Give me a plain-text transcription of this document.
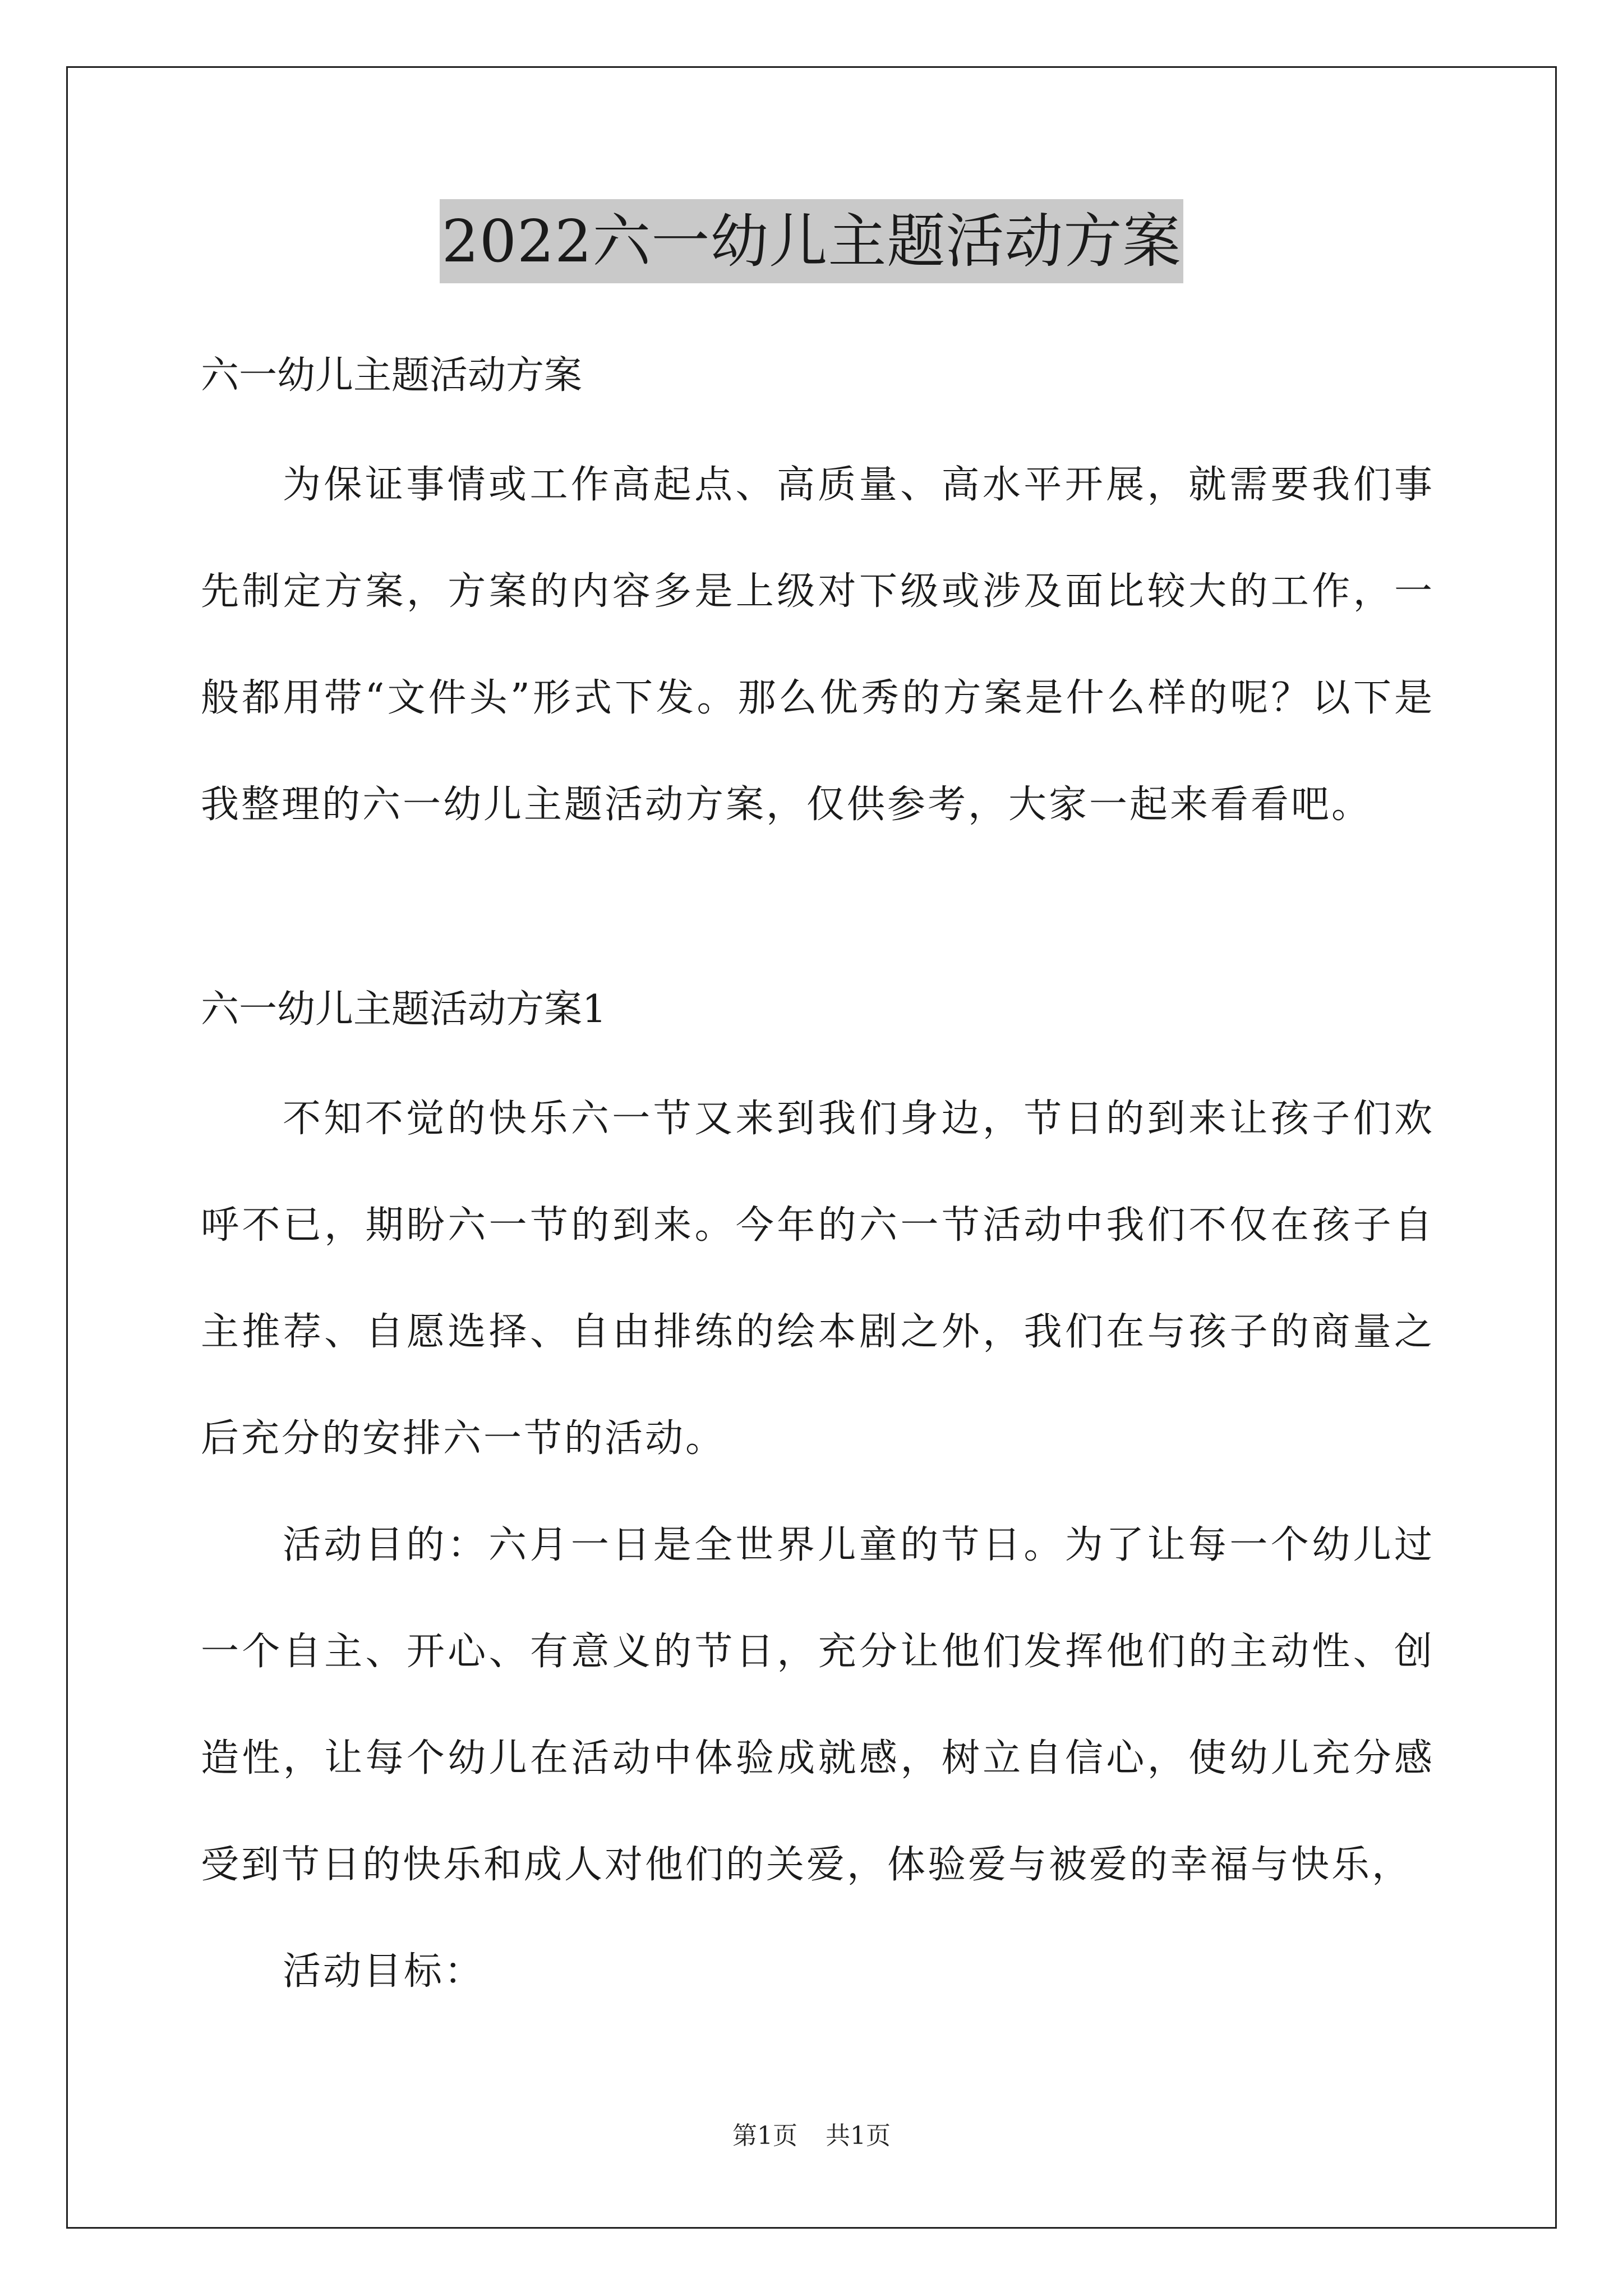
2022六一幼儿主题活动方案

六一幼儿主题活动方案

为保证事情或工作高起点、高质量、高水平开展，就需要我们事先制定方案，方案的内容多是上级对下级或涉及面比较大的工作，一般都用带“文件头”形式下发。那么优秀的方案是什么样的呢？以下是我整理的六一幼儿主题活动方案，仅供参考，大家一起来看看吧。

六一幼儿主题活动方案1

不知不觉的快乐六一节又来到我们身边，节日的到来让孩子们欢呼不已，期盼六一节的到来。今年的六一节活动中我们不仅在孩子自主推荐、自愿选择、自由排练的绘本剧之外，我们在与孩子的商量之后充分的安排六一节的活动。

活动目的：六月一日是全世界儿童的节日。为了让每一个幼儿过一个自主、开心、有意义的节日，充分让他们发挥他们的主动性、创造性，让每个幼儿在活动中体验成就感，树立自信心，使幼儿充分感受到节日的快乐和成人对他们的关爱，体验爱与被爱的幸福与快乐，

活动目标：

第1页 共1页
